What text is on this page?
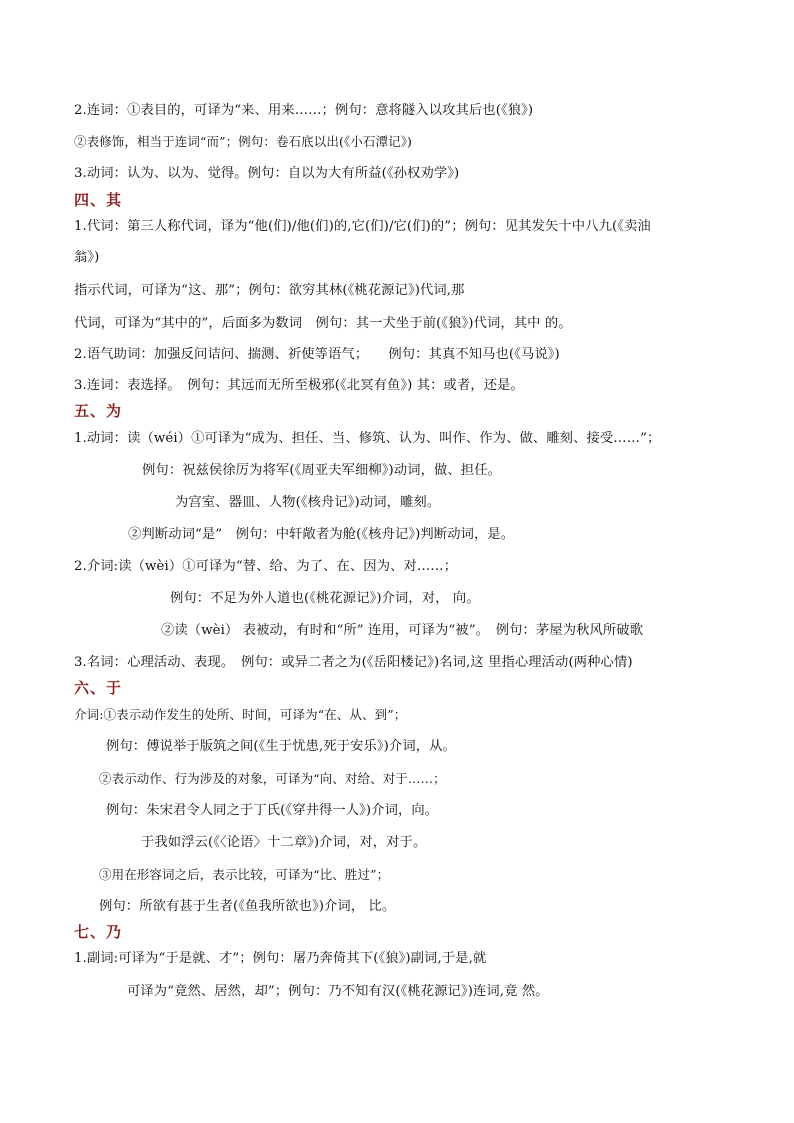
2.连词：①表目的，可译为“来、用来……；例句：意将隧入以攻其后也(《狼》)
②表修饰，相当于连词“而”；例句：卷石底以出(《小石潭记》)
3.动词：认为、以为、觉得。例句：自以为大有所益(《孙权劝学》)
四、其
1.代词：第三人称代词，译为“他(们)/他(们)的,它(们)/它(们)的”；例句：见其发矢十中八九(《卖油
翁》)
指示代词，可译为“这、那”；例句：欲穷其林(《桃花源记》)代词,那
代词，可译为“其中的”，后面多为数词　例句：其一犬坐于前(《狼》)代词，其中 的。
2.语气助词：加强反问诘问、揣测、祈使等语气；　　例句：其真不知马也(《马说》)
3.连词：表选择。　例句：其远而无所至极邪(《北冥有鱼》) 其：或者，还是。
五、为
1.动词：读（wéi）①可译为“成为、担任、当、修筑、认为、叫作、作为、做、雕刻、接受……”；
例句：祝兹侯徐厉为将军(《周亚夫军细柳》)动词，做、担任。
为宫室、器皿、人物(《核舟记》)动词，雕刻。
②判断动词“是”　例句：中轩敞者为舱(《核舟记》)判断动词，是。
2.介词:读（wèi）①可译为“替、给、为了、在、因为、对……；
例句：不足为外人道也(《桃花源记》)介词，对， 向。
②读（wèi） 表被动，有时和“所” 连用，可译为“被”。　例句：茅屋为秋风所破歌
3.名词：心理活动、表现。　例句：或异二者之为(《岳阳楼记》)名词,这 里指心理活动(两种心情)
六、于
介词:①表示动作发生的处所、时间，可译为“在、从、到”；
例句：傅说举于版筑之间(《生于忧患,死于安乐》)介词，从。
②表示动作、行为涉及的对象，可译为“向、对给、对于……；
例句：朱宋君令人同之于丁氏(《穿井得一人》)介词，向。
于我如浮云(《〈论语〉十二章》)介词，对，对于。
③用在形容词之后，表示比较，可译为“比、胜过”；
例句：所欲有甚于生者(《鱼我所欲也》)介词， 比。
七、乃
1.副词:可译为“于是就、才”；例句：屠乃奔倚其下(《狼》)副词,于是,就
可译为“竟然、居然，却”；例句：乃不知有汉(《桃花源记》)连词,竟 然。
